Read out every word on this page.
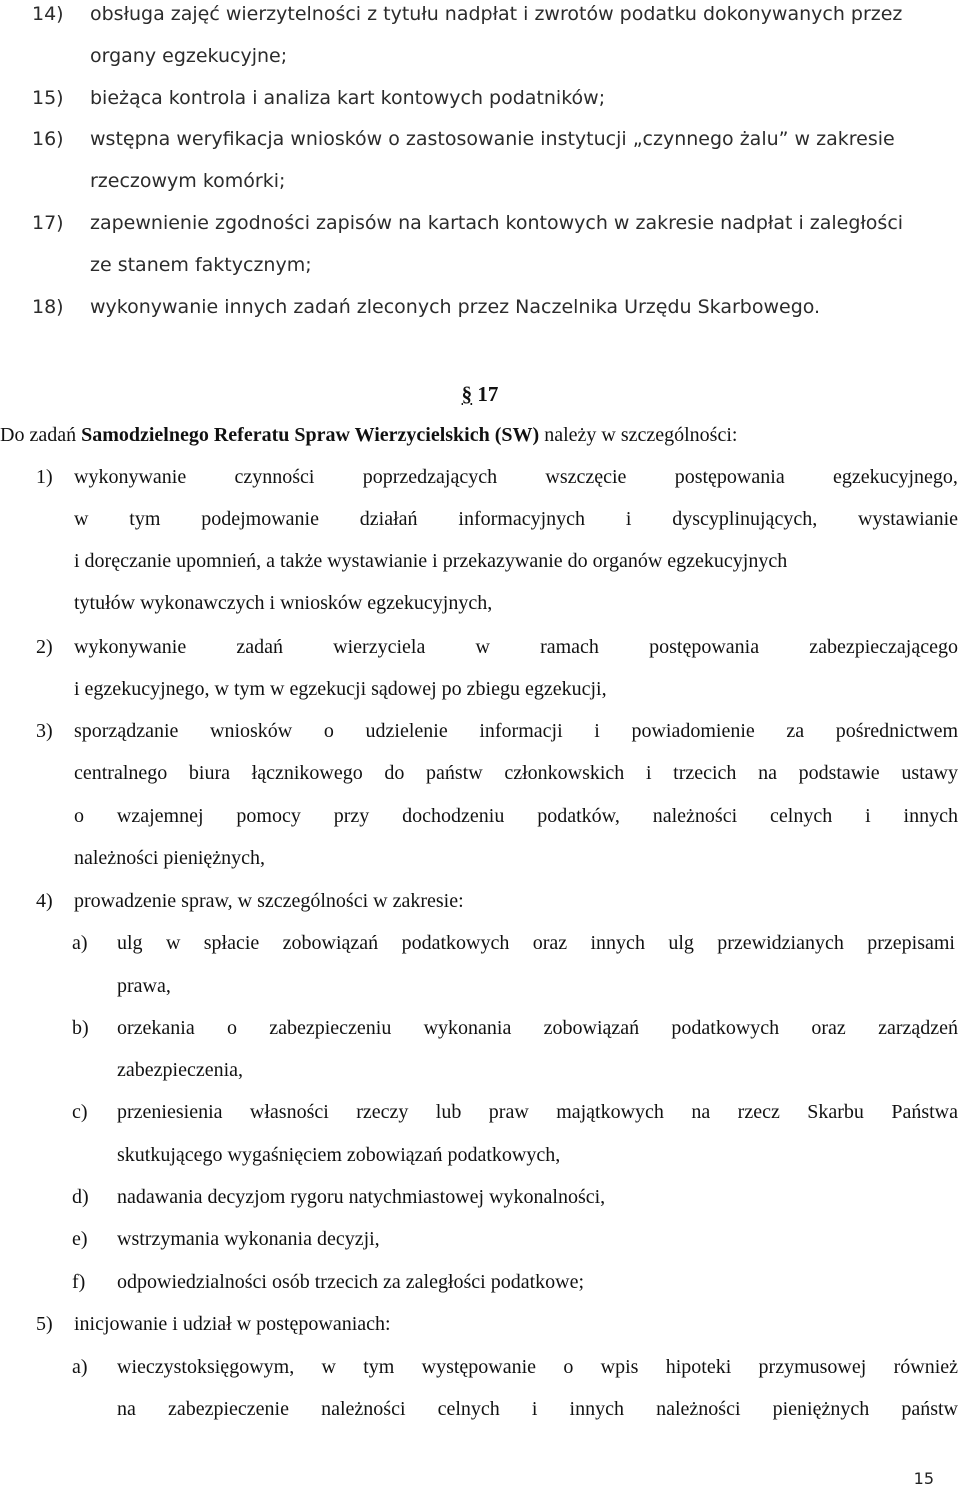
14) obsługa zajęć wierzytelności z tytułu nadpłat i zwrotów podatku dokonywanych przez
organy egzekucyjne;
15) bieżąca kontrola i analiza kart kontowych podatników;
16) wstępna weryfikacja wniosków o zastosowanie instytucji „czynnego żalu” w zakresie
rzeczowym komórki;
17) zapewnienie zgodności zapisów na kartach kontowych w zakresie nadpłat i zaległości
ze stanem faktycznym;
18) wykonywanie innych zadań zleconych przez Naczelnika Urzędu Skarbowego.
§ 17
Do zadań Samodzielnego Referatu Spraw Wierzycielskich (SW) należy w szczególności:
1) wykonywanie czynności poprzedzających wszczęcie postępowania egzekucyjnego,
w tym podejmowanie działań informacyjnych i dyscyplinujących, wystawianie
i doręczanie upomnień, a także wystawianie i przekazywanie do organów egzekucyjnych
tytułów wykonawczych i wniosków egzekucyjnych,
2) wykonywanie zadań wierzyciela w ramach postępowania zabezpieczającego
i egzekucyjnego, w tym w egzekucji sądowej po zbiegu egzekucji,
3) sporządzanie wniosków o udzielenie informacji i powiadomienie za pośrednictwem
centralnego biura łącznikowego do państw członkowskich i trzecich na podstawie ustawy
o wzajemnej pomocy przy dochodzeniu podatków, należności celnych i innych
należności pieniężnych,
4) prowadzenie spraw, w szczególności w zakresie:
a) ulg w spłacie zobowiązań podatkowych oraz innych ulg przewidzianych przepisami
prawa,
b) orzekania o zabezpieczeniu wykonania zobowiązań podatkowych oraz zarządzeń
zabezpieczenia,
c) przeniesienia własności rzeczy lub praw majątkowych na rzecz Skarbu Państwa
skutkującego wygaśnięciem zobowiązań podatkowych,
d) nadawania decyzjom rygoru natychmiastowej wykonalności,
e) wstrzymania wykonania decyzji,
f) odpowiedzialności osób trzecich za zaległości podatkowe;
5) inicjowanie i udział w postępowaniach:
a) wieczystoksięgowym, w tym występowanie o wpis hipoteki przymusowej również
na zabezpieczenie należności celnych i innych należności pieniężnych państw
15
